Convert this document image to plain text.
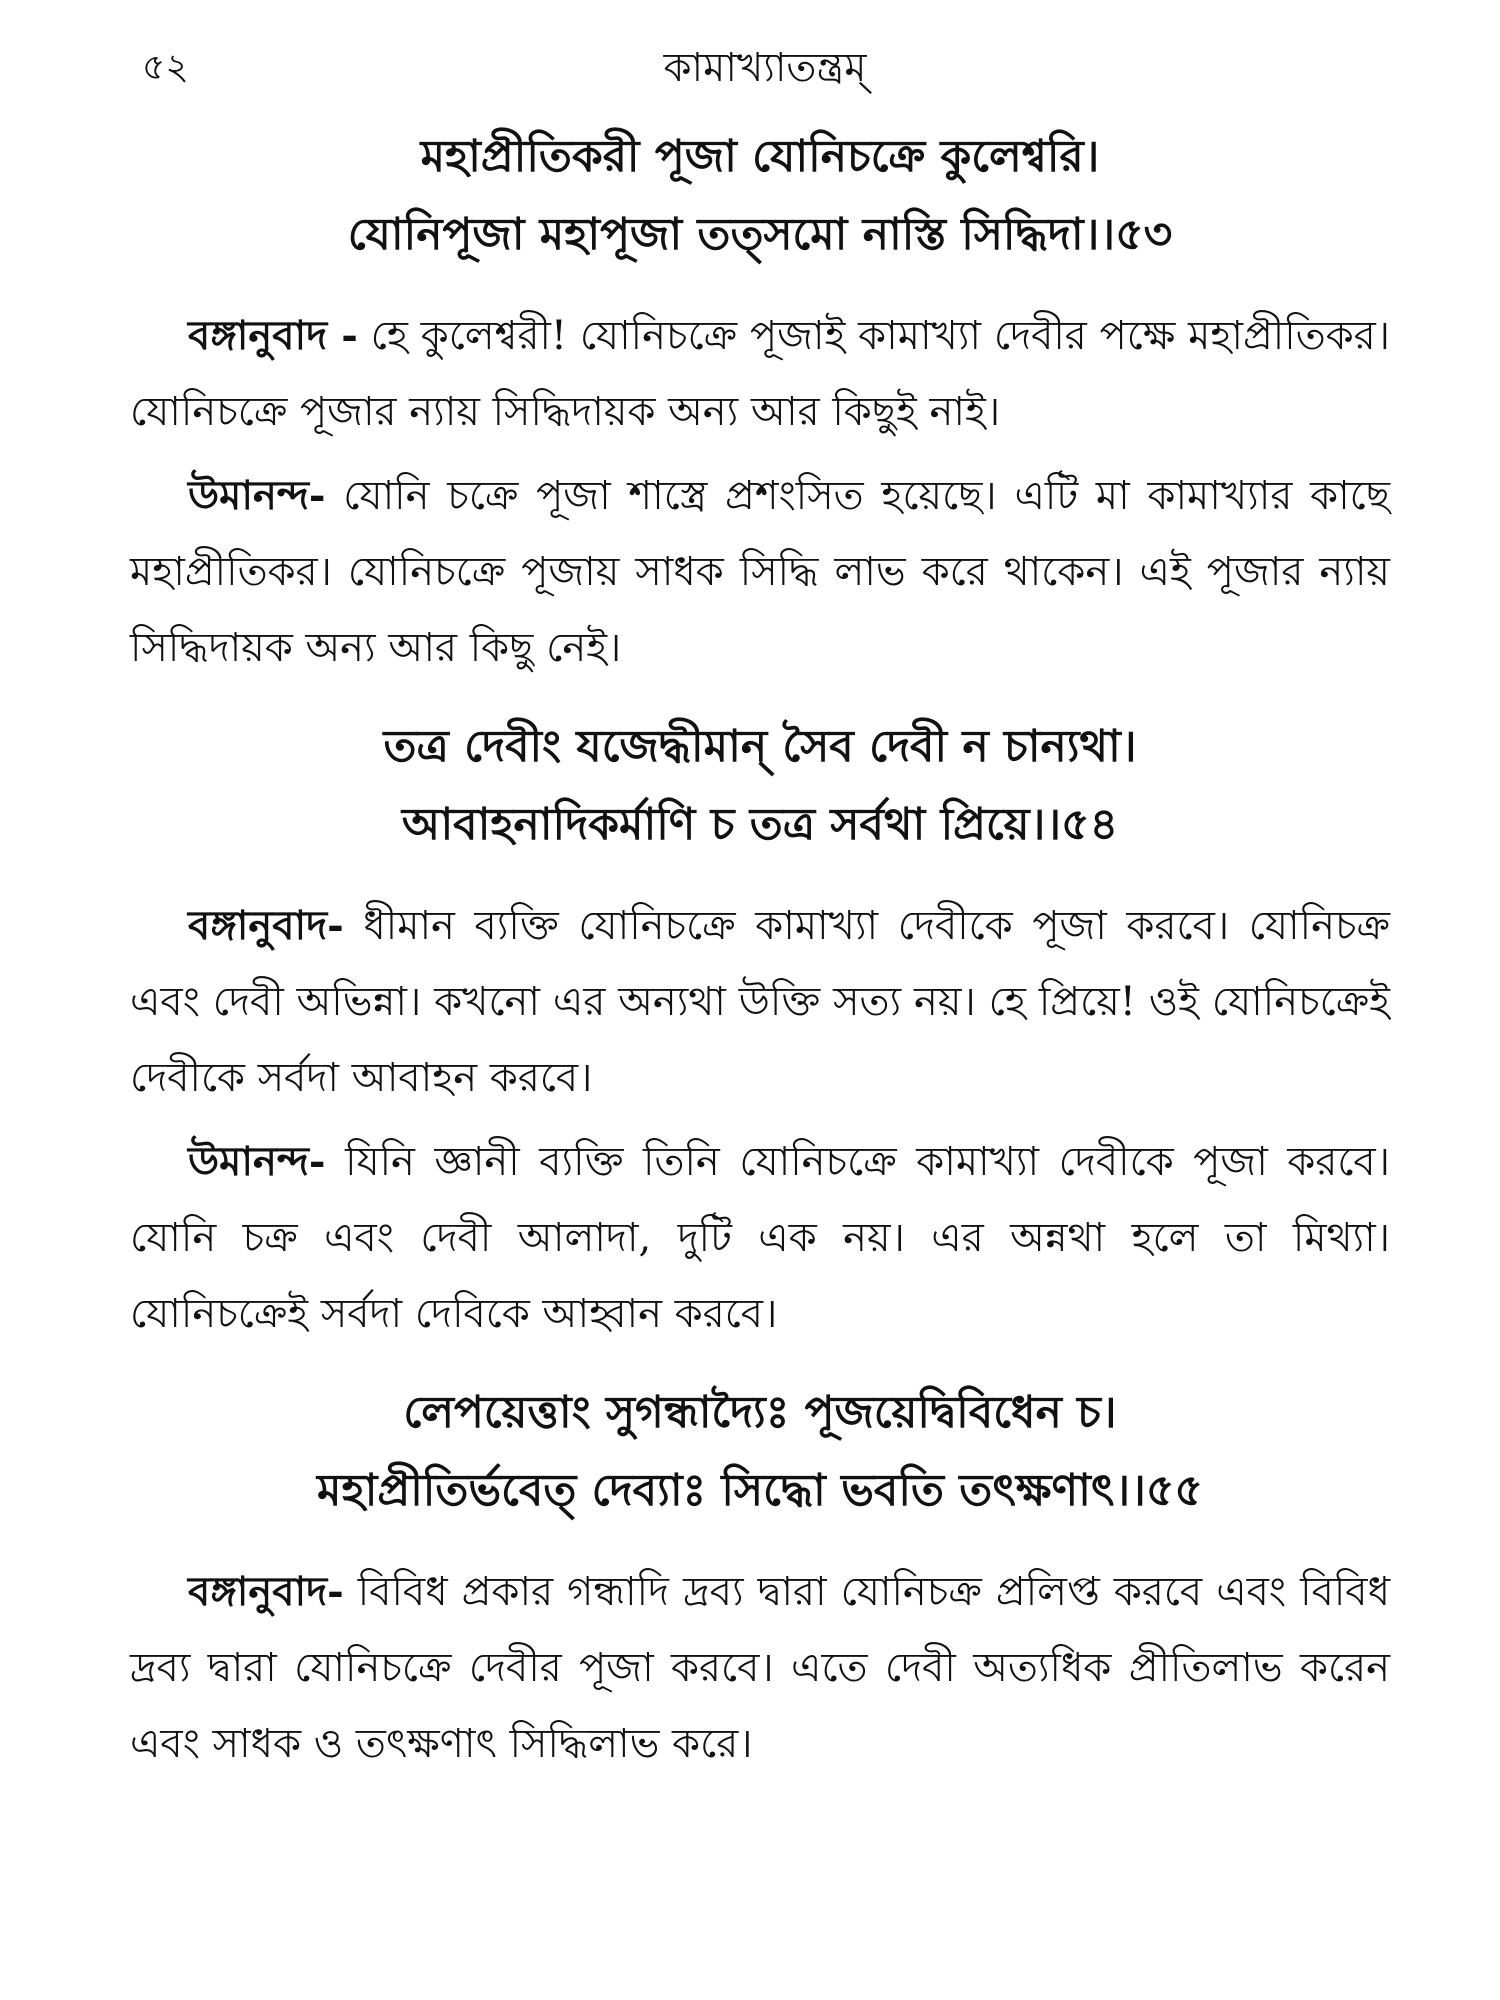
৫২	কামাখ্যাতন্ত্রম্
মহাপ্রীতিকরী পূজা যোনিচক্রে কুলেশ্বরি।
যোনিপূজা মহাপূজা তত্সমো নাস্তি সিদ্ধিদা।।৫৩

বঙ্গানুবাদ - হে কুলেশ্বরী! যোনিচক্রে পূজাই কামাখ্যা দেবীর পক্ষে মহাপ্রীতিকর। যোনিচক্রে পূজার ন্যায় সিদ্ধিদায়ক অন্য আর কিছুই নাই।

উমানন্দ- যোনি চক্রে পূজা শাস্ত্রে প্রশংসিত হয়েছে। এটি মা কামাখ্যার কাছে মহাপ্রীতিকর। যোনিচক্রে পূজায় সাধক সিদ্ধি লাভ করে থাকেন। এই পূজার ন্যায় সিদ্ধিদায়ক অন্য আর কিছু নেই।

তত্র দেবীং যজেদ্ধীমান্ সৈব দেবী ন চান্যথা।
আবাহনাদিকর্মাণি চ তত্র সর্বথা প্রিয়ে।।৫৪

বঙ্গানুবাদ- ধীমান ব্যক্তি যোনিচক্রে কামাখ্যা দেবীকে পূজা করবে। যোনিচক্র এবং দেবী অভিন্না। কখনো এর অন্যথা উক্তি সত্য নয়। হে প্রিয়ে! ওই যোনিচক্রেই দেবীকে সর্বদা আবাহন করবে।

উমানন্দ- যিনি জ্ঞানী ব্যক্তি তিনি যোনিচক্রে কামাখ্যা দেবীকে পূজা করবে। যোনি চক্র এবং দেবী আলাদা, দুটি এক নয়। এর অন্নথা হলে তা মিথ্যা। যোনিচক্রেই সর্বদা দেবিকে আহ্বান করবে।

লেপয়েত্তাং সুগন্ধাদ্যৈঃ পূজয়েদ্বিবিধেন চ।
মহাপ্রীতির্ভবেত্ দেব্যাঃ সিদ্ধো ভবতি তৎক্ষণাৎ।।৫৫

বঙ্গানুবাদ- বিবিধ প্রকার গন্ধাদি দ্রব্য দ্বারা যোনিচক্র প্রলিপ্ত করবে এবং বিবিধ দ্রব্য দ্বারা যোনিচক্রে দেবীর পূজা করবে। এতে দেবী অত্যধিক প্রীতিলাভ করেন এবং সাধক ও তৎক্ষণাৎ সিদ্ধিলাভ করে।
